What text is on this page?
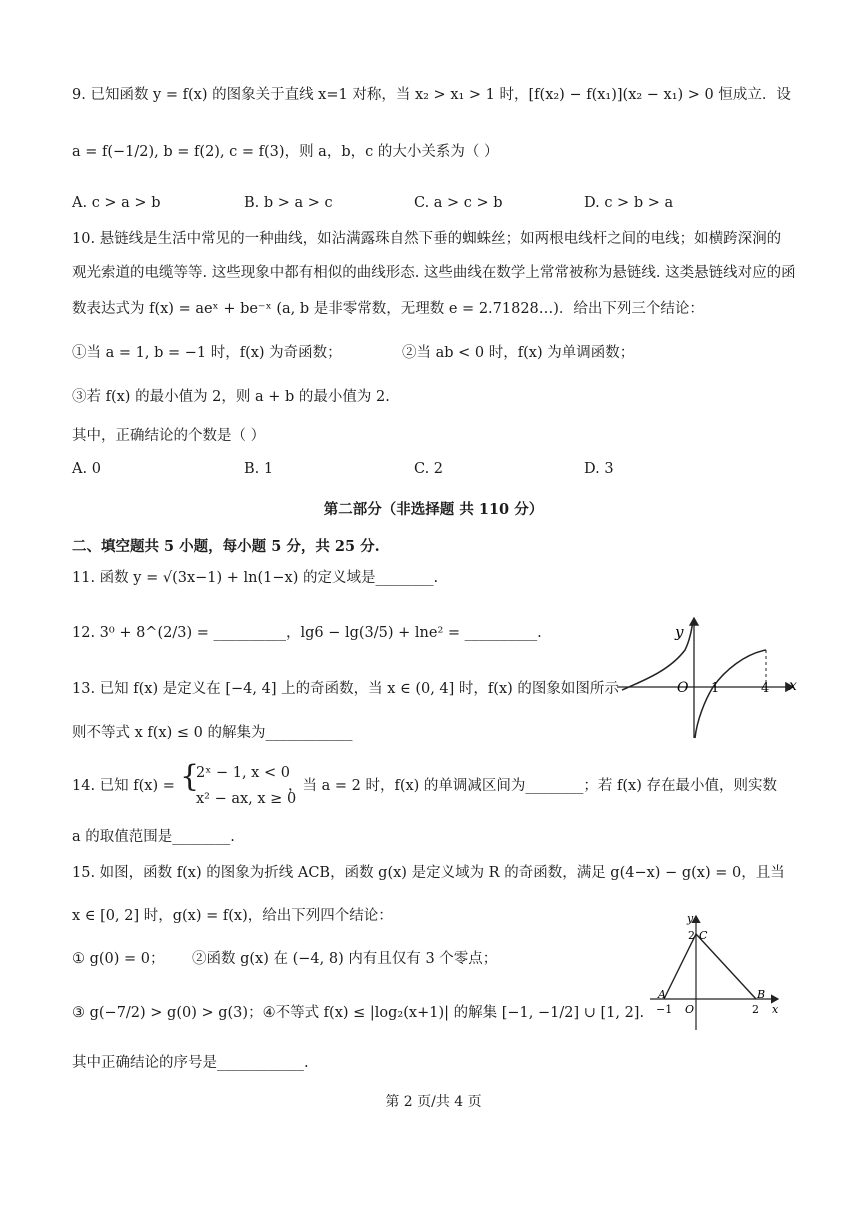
9. 已知函数 y = f(x) 的图象关于直线 x=1 对称，当 x₂ > x₁ > 1 时，[f(x₂) − f(x₁)](x₂ − x₁) > 0 恒成立．设
a = f(−1/2), b = f(2), c = f(3)，则 a，b，c 的大小关系为（ ）
A. c > a > b	B. b > a > c	C. a > c > b	D. c > b > a
10. 悬链线是生活中常见的一种曲线，如沾满露珠自然下垂的蜘蛛丝；如两根电线杆之间的电线；如横跨深涧的
观光索道的电缆等等. 这些现象中都有相似的曲线形态. 这些曲线在数学上常常被称为悬链线. 这类悬链线对应的函
数表达式为 f(x) = aeˣ + be⁻ˣ (a, b 是非零常数，无理数 e = 2.71828…)．给出下列三个结论：
①当 a = 1, b = −1 时，f(x) 为奇函数；	②当 ab < 0 时，f(x) 为单调函数；
③若 f(x) 的最小值为 2，则 a + b 的最小值为 2.
其中，正确结论的个数是（ ）
A. 0	B. 1	C. 2	D. 3
第二部分（非选择题 共 110 分）
二、填空题共 5 小题，每小题 5 分，共 25 分.
11. 函数 y = √(3x−1) + ln(1−x) 的定义域是________.
12. 3⁰ + 8^(2/3) = __________，lg6 − lg(3/5) + lne² = __________.
13. 已知 f(x) 是定义在 [−4, 4] 上的奇函数，当 x ∈ (0, 4] 时，f(x) 的图象如图所示
则不等式 x f(x) ≤ 0 的解集为____________
y
x
O 1	4
14. 已知 f(x) = {
2ˣ − 1, x < 0
x² − ax, x ≥ 0
，当 a = 2 时，f(x) 的单调减区间为________；若 f(x) 存在最小值，则实数
a 的取值范围是________.
15. 如图，函数 f(x) 的图象为折线 ACB，函数 g(x) 是定义域为 R 的奇函数，满足 g(4−x) − g(x) = 0，且当
x ∈ [0, 2] 时，g(x) = f(x)，给出下列四个结论：
① g(0) = 0； ②函数 g(x) 在 (−4, 8) 内有且仅有 3 个零点；
③ g(−7/2) > g(0) > g(3)；④不等式 f(x) ≤ |log₂(x+1)| 的解集 [−1, −1/2] ∪ [1, 2].
其中正确结论的序号是____________.
y
x
2 C
A	B
−1 O	2
第 2 页/共 4 页
